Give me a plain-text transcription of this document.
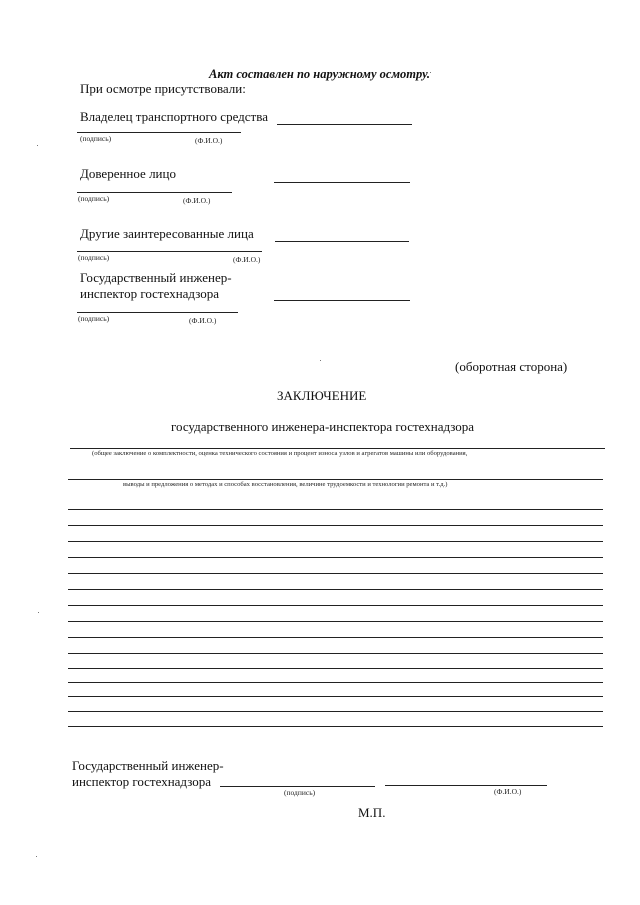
Акт составлен по наружному осмотру.
При осмотре присутствовали:
Владелец транспортного средства
(подпись)	(Ф.И.О.)
Доверенное лицо
(подпись)	(Ф.И.О.)
Другие заинтересованные лица
(подпись)	(Ф.И.О.)
Государственный инженер-
инспектор гостехнадзора
(подпись)	(Ф.И.О.)
(оборотная сторона)
ЗАКЛЮЧЕНИЕ
государственного инженера-инспектора гостехнадзора
(общее заключение о комплектности, оценка технического состояния и процент износа узлов и агрегатов машины или оборудования,
выводы и предложения о методах и способах восстановления, величине трудоемкости и технологии ремонта и т.д.)
Государственный инженер-
инспектор гостехнадзора
(подпись)	(Ф.И.О.)
М.П.
